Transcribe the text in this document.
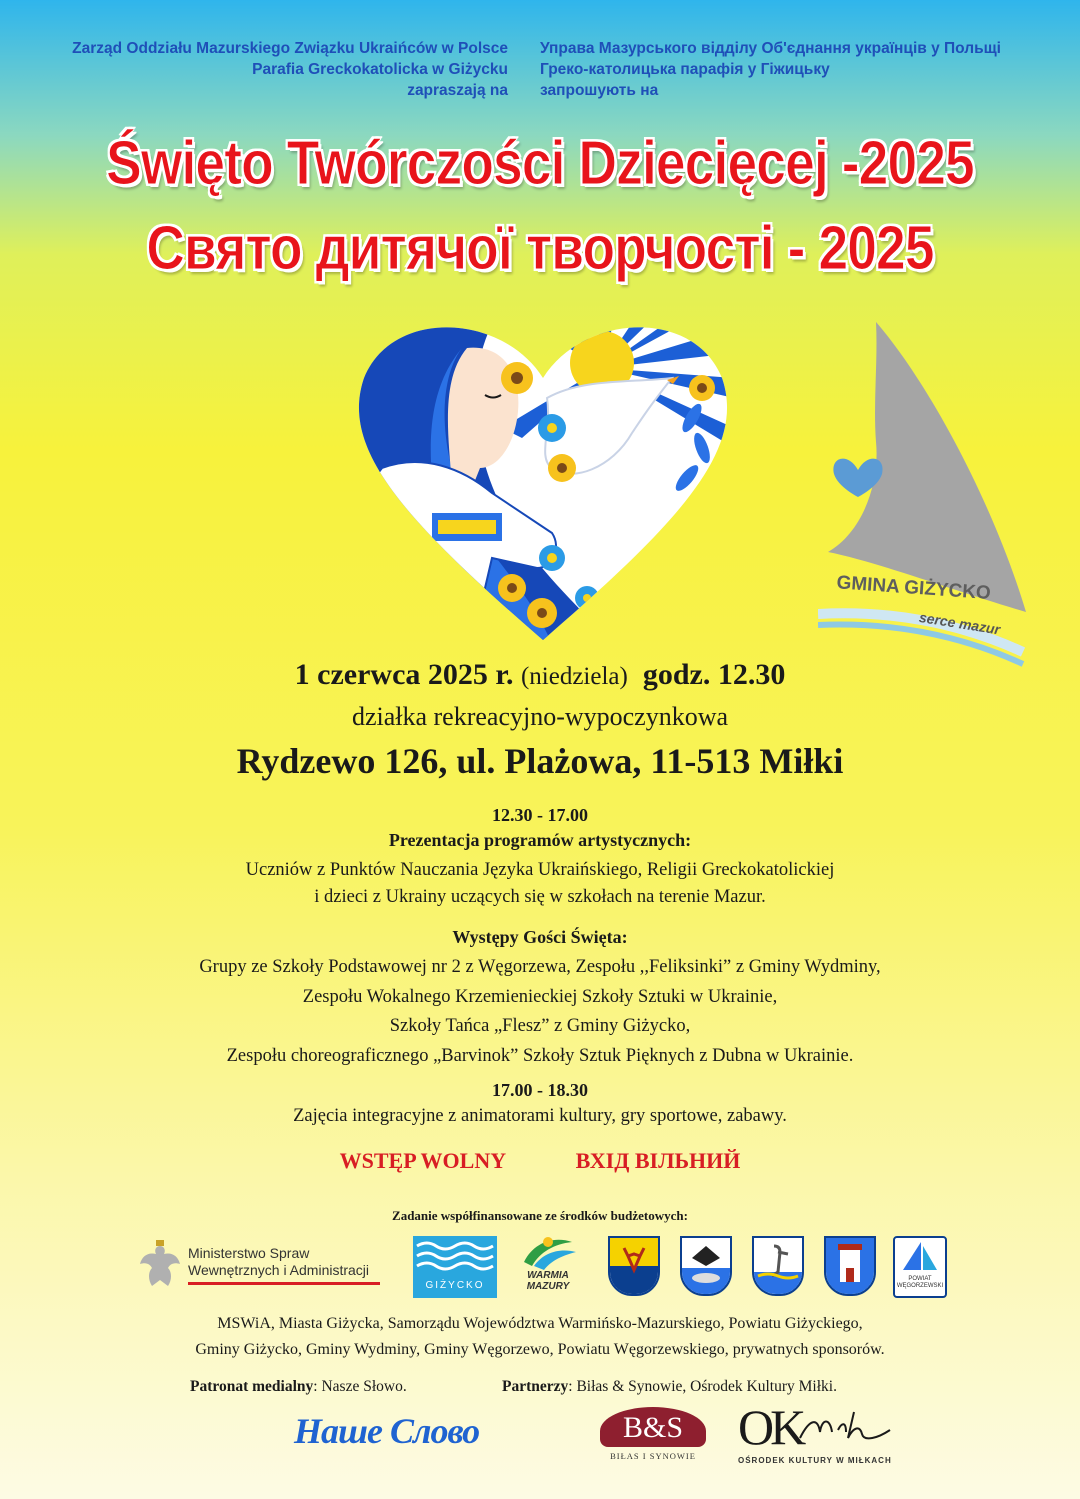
Zarząd Oddziału Mazurskiego Związku Ukraińców w Polsce
Parafia Greckokatolicka w Giżycku
zapraszają na
Управа Мазурського відділу Об'єднання українців у Польщі
Греко-католицька парафія у Гіжицьку
запрошують на
Święto Twórczości Dziecięcej -2025
Свято дитячої творчості - 2025
GMINA GIŻYCKO
serce mazur
1 czerwca 2025 r. (niedziela) godz. 12.30
działka rekreacyjno-wypoczynkowa
Rydzewo 126, ul. Plażowa, 11-513 Miłki
12.30 - 17.00
Prezentacja programów artystycznych:
Uczniów z Punktów Nauczania Języka Ukraińskiego, Religii Greckokatolickiej
i dzieci z Ukrainy uczących się w szkołach na terenie Mazur.
Występy Gości Święta:
Grupy ze Szkoły Podstawowej nr 2 z Węgorzewa, Zespołu ,,Feliksinki” z Gminy Wydminy,
Zespołu Wokalnego Krzemienieckiej Szkoły Sztuki w Ukrainie,
Szkoły Tańca „Flesz” z Gminy Giżycko,
Zespołu choreograficznego „Barvinok” Szkoły Sztuk Pięknych z Dubna w Ukrainie.
17.00 - 18.30
Zajęcia integracyjne z animatorami kultury, gry sportowe, zabawy.
WSTĘP WOLNY	ВХІД ВІЛЬНИЙ
Zadanie współfinansowane ze środków budżetowych:
Ministerstwo Spraw
Wewnętrznych i Administracji
GIŻYCKO
WARMIA
MAZURY
POWIAT
WĘGORZEWSKI
MSWiA, Miasta Giżycka, Samorządu Województwa Warmińsko-Mazurskiego, Powiatu Giżyckiego,
Gminy Giżycko, Gminy Wydminy, Gminy Węgorzewo, Powiatu Węgorzewskiego, prywatnych sponsorów.
Patronat medialny: Nasze Słowo.	Partnerzy: Biłas & Synowie, Ośrodek Kultury Miłki.
Наше Слово	B&S
BIŁAS I SYNOWIE
OK
OŚRODEK KULTURY W MIŁKACH
